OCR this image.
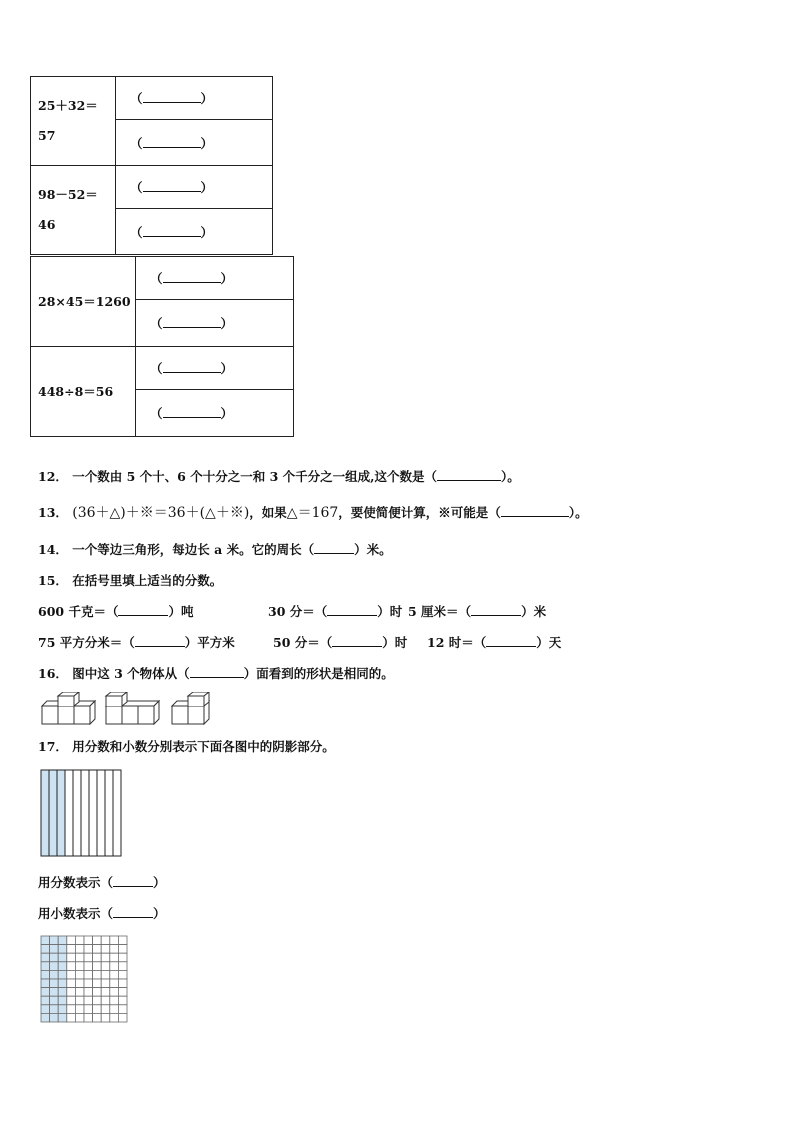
25＋32＝
57	（ ）
	（ ）

98－52＝
46	（ ）
	（ ）
28×45＝1260	（ ）
	（ ）

448÷8＝56	（ ）
	（ ）
12． 一个数由 5 个十、6 个十分之一和 3 个千分之一组成,这个数是（	）。
13． (36＋△)＋※＝36＋(△＋※)，如果△＝167，要使简便计算，※可能是（	）。
14． 一个等边三角形，每边长 a 米。它的周长（	）米。
15． 在括号里填上适当的分数。
600 千克＝（	）吨	30 分＝（	）时 5 厘米＝（	）米
75 平方分米＝（	）平方米	50 分＝（	）时 12 时＝（	）天
16． 图中这 3 个物体从（	）面看到的形状是相同的。
17． 用分数和小数分别表示下面各图中的阴影部分。
用分数表示（	）
用小数表示（	）
